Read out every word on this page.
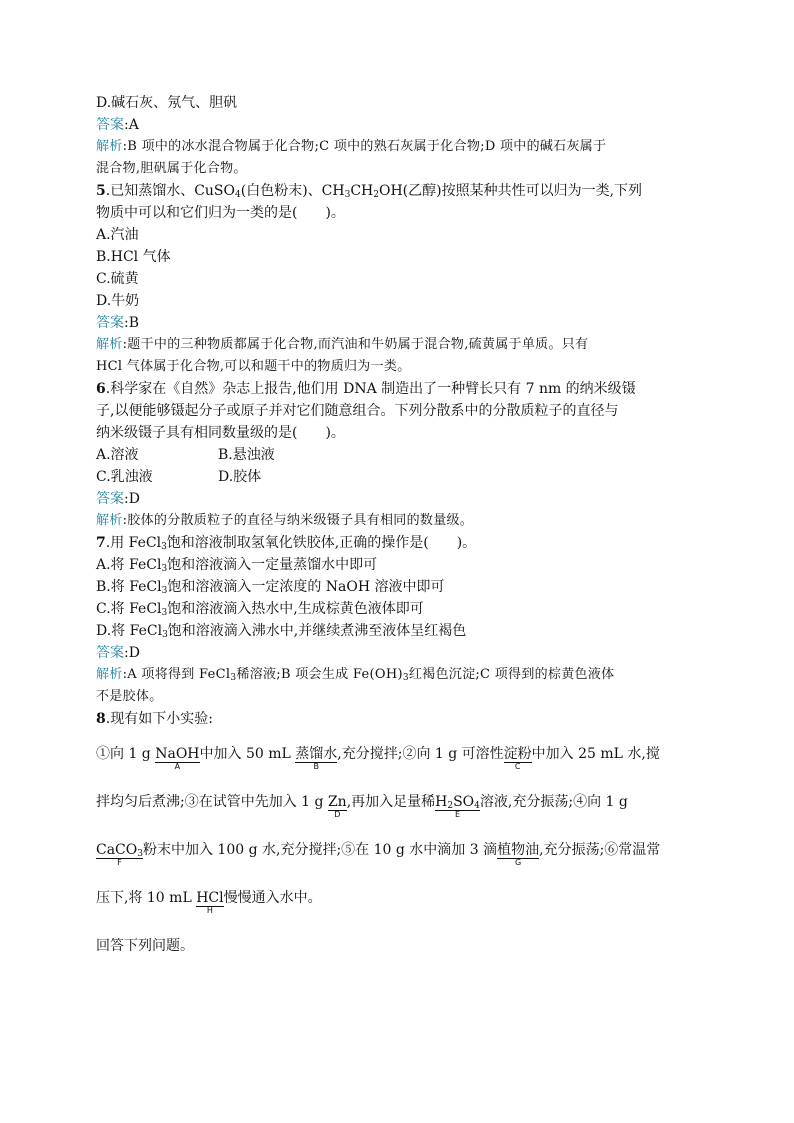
D.碱石灰、氖气、胆矾

答案:A

解析:B 项中的冰水混合物属于化合物;C 项中的熟石灰属于化合物;D 项中的碱石灰属于

混合物,胆矾属于化合物。

5.已知蒸馏水、CuSO$_4$(白色粉末)、$CH_3CH_2OH$(乙醇)按照某种共性可以归为一类,下列

物质中可以和它们归为一类的是(　　)。

A.汽油

B.HCl 气体

C.硫黄

D.牛奶

答案:B

解析:题干中的三种物质都属于化合物,而汽油和牛奶属于混合物,硫黄属于单质。只有

HCl 气体属于化合物,可以和题干中的物质归为一类。

6.科学家在《自然》杂志上报告,他们用 DNA 制造出了一种臂长只有 7 nm 的纳米级镊

子,以便能够镊起分子或原子并对它们随意组合。下列分散系中的分散质粒子的直径与

纳米级镊子具有相同数量级的是(　　)。

A.溶液	B.悬浊液
C.乳浊液	D.胶体

答案:D

解析:胶体的分散质粒子的直径与纳米级镊子具有相同的数量级。

7.用 FeCl$_3$饱和溶液制取氢氧化铁胶体,正确的操作是(　　)。

A.将 FeCl$_3$饱和溶液滴入一定量蒸馏水中即可

B.将 FeCl$_3$饱和溶液滴入一定浓度的 NaOH 溶液中即可

C.将 FeCl$_3$饱和溶液滴入热水中,生成棕黄色液体即可

D.将 FeCl$_3$饱和溶液滴入沸水中,并继续煮沸至液体呈红褐色

答案:D

解析:A 项将得到 FeCl$_3$稀溶液;B 项会生成 $Fe(OH)_3$红褐色沉淀;C 项得到的棕黄色液体

不是胶体。

8.现有如下小实验:

①向 1 g NaOH
A
中加入 50 mL 蒸馏水
B
,充分搅拌;②向 1 g 可溶性淀粉
C
中加入 25 mL 水,搅

拌均匀后煮沸;③在试管中先加入 1 g Zn
D
,再加入足量稀$H_2SO_4$
E
溶液,充分振荡;④向 1 g

CaCO$_3$
F
粉末中加入 100 g 水,充分搅拌;⑤在 10 g 水中滴加 3 滴植物油
G
,充分振荡;⑥常温常

压下,将 10 mL HCl
H
慢慢通入水中。

回答下列问题。
